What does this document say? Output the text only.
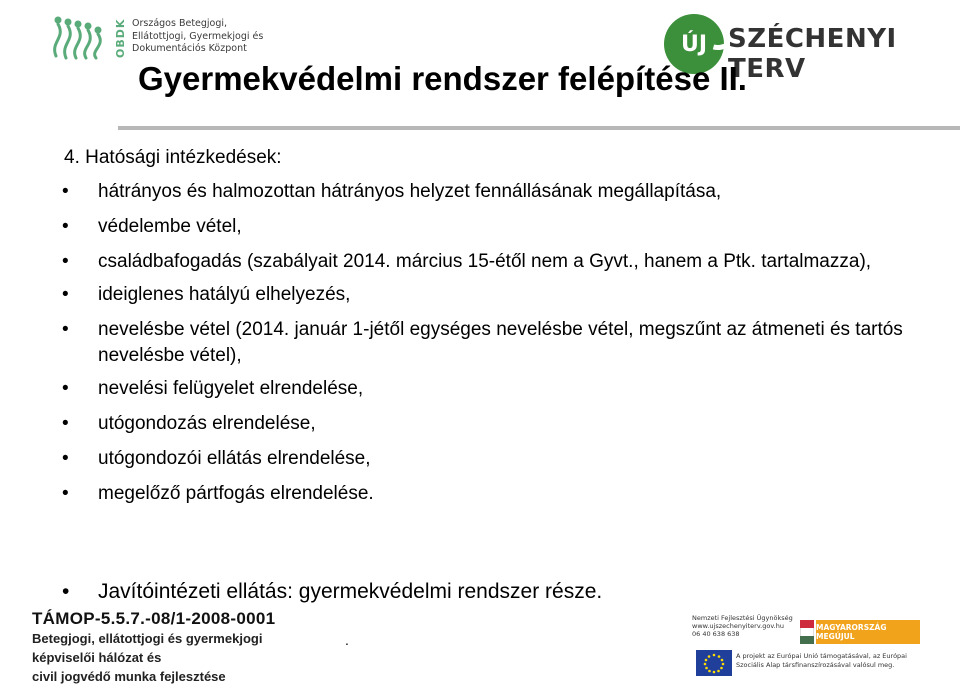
OBDK Országos Betegjogi,
Ellátottjogi, Gyermekjogi és
Dokumentációs Központ	ÚJ SZÉCHENYI TERV
Gyermekvédelmi rendszer felépítése II.
4. Hatósági intézkedések:
• hátrányos és halmozottan hátrányos helyzet fennállásának megállapítása,
• védelembe vétel,
• családbafogadás (szabályait 2014. március 15-étől nem a Gyvt., hanem a Ptk. tartalmazza),
• ideiglenes hatályú elhelyezés,
• nevelésbe vétel (2014. január 1-jétől egységes nevelésbe vétel, megszűnt az átmeneti és tartós nevelésbe vétel),
• nevelési felügyelet elrendelése,
• utógondozás elrendelése,
• utógondozói ellátás elrendelése,
• megelőző pártfogás elrendelése.
• Javítóintézeti ellátás: gyermekvédelmi rendszer része.
TÁMOP-5.5.7.-08/1-2008-0001
Betegjogi, ellátottjogi és gyermekjogi
képviselői hálózat és
civil jogvédő munka fejlesztése
.
Nemzeti Fejlesztési Ügynökség
www.ujszechenyiterv.gov.hu
06 40 638 638
MAGYARORSZÁG MEGÚJUL
A projekt az Európai Unió támogatásával, az Európai Szociális Alap társfinanszírozásával valósul meg.
